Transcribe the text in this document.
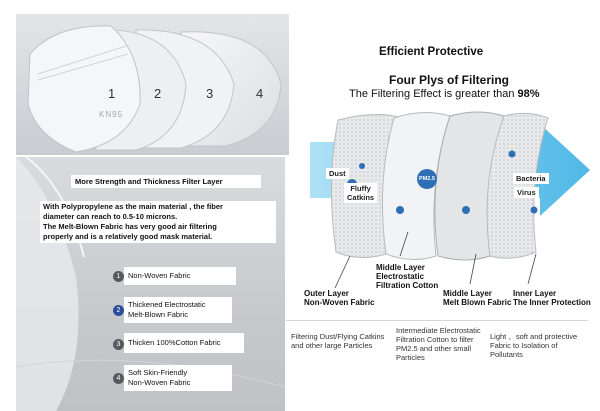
KN95
1	2	3	4
More Strength and Thickness Filter Layer
With Polypropylene as the main material , the fiber
diameter can reach to 0.5-10 microns.
The Melt-Blown Fabric has very good air filtering
properly and is a relatively good mask material.
1	Non-Woven Fabric
2
Thickened Electrostatic
Melt-Blown Fabric
3	Thicken 100%Cotton Fabric
4
Soft Skin-Friendly
Non-Woven Fabric
Efficient Protective
Four Plys of Filtering
The Filtering Effect is greater than 98%
Dust
Fluffy
Catkins
PM2.5	Bacteria
Virus
Outer Layer
Non-Woven Fabric
Middle Layer
Electrostatic
Filtration Cotton
Middle Layer
Melt Blown Fabric
Inner Layer
The Inner Protection
Filtering Dust/Flying Catkins
and other large Particles
Intermediate Electrostatic
Filtration Cotton to filter
PM2.5 and other small
Particles
Light 、soft and protective
Fabric to Isolation of
Pollutants
